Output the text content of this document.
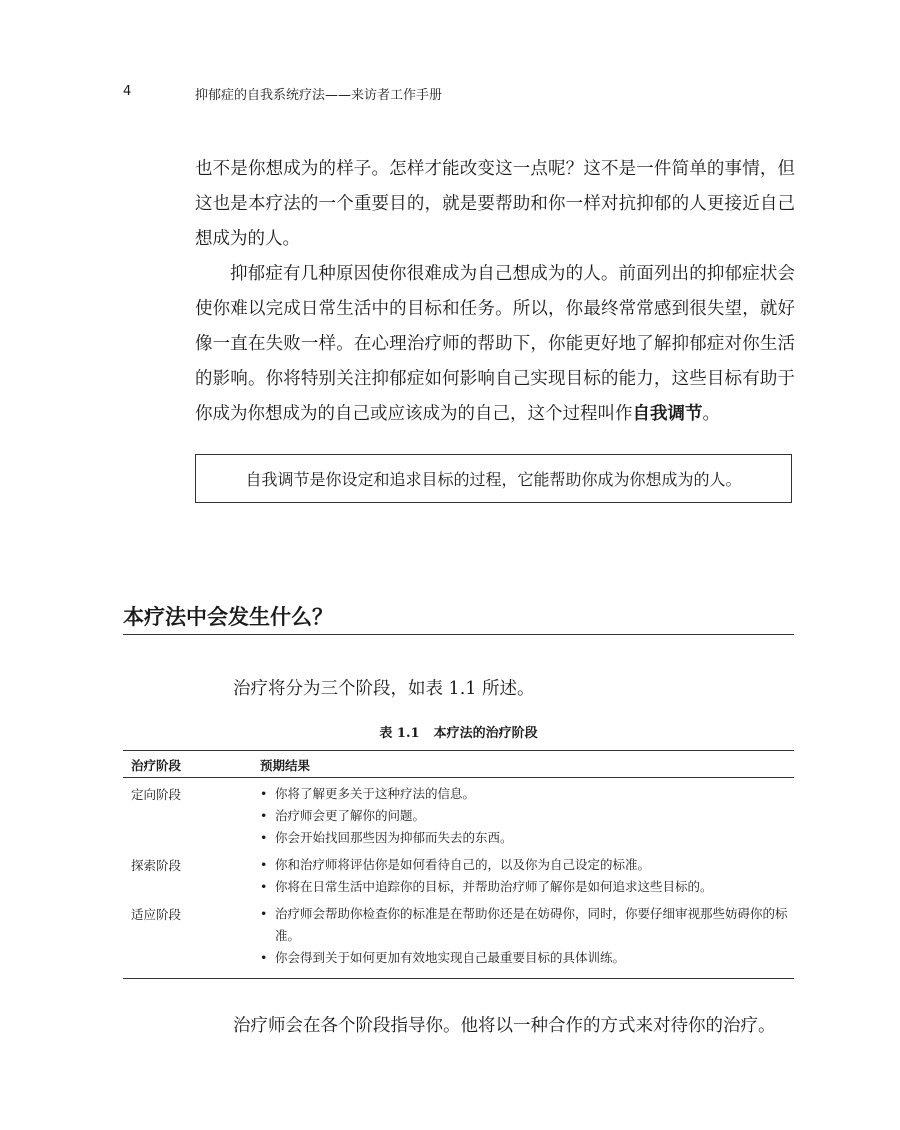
4	抑郁症的自我系统疗法——来访者工作手册

也不是你想成为的样子。怎样才能改变这一点呢？这不是一件简单的事情，但这也是本疗法的一个重要目的，就是要帮助和你一样对抗抑郁的人更接近自己想成为的人。

抑郁症有几种原因使你很难成为自己想成为的人。前面列出的抑郁症状会使你难以完成日常生活中的目标和任务。所以，你最终常常感到很失望，就好像一直在失败一样。在心理治疗师的帮助下，你能更好地了解抑郁症对你生活的影响。你将特别关注抑郁症如何影响自己实现目标的能力，这些目标有助于你成为你想成为的自己或应该成为的自己，这个过程叫作自我调节。

自我调节是你设定和追求目标的过程，它能帮助你成为你想成为的人。
本疗法中会发生什么？
治疗将分为三个阶段，如表 1.1 所述。
表 1.1 本疗法的治疗阶段
治疗阶段	预期结果
定向阶段	• 你将了解更多关于这种疗法的信息。
• 治疗师会更了解你的问题。
• 你会开始找回那些因为抑郁而失去的东西。
探索阶段	• 你和治疗师将评估你是如何看待自己的，以及你为自己设定的标准。
• 你将在日常生活中追踪你的目标，并帮助治疗师了解你是如何追求这些目标的。
适应阶段	• 治疗师会帮助你检查你的标准是在帮助你还是在妨碍你，同时，你要仔细审视那些妨碍你的标准。
• 你会得到关于如何更加有效地实现自己最重要目标的具体训练。
治疗师会在各个阶段指导你。他将以一种合作的方式来对待你的治疗。
